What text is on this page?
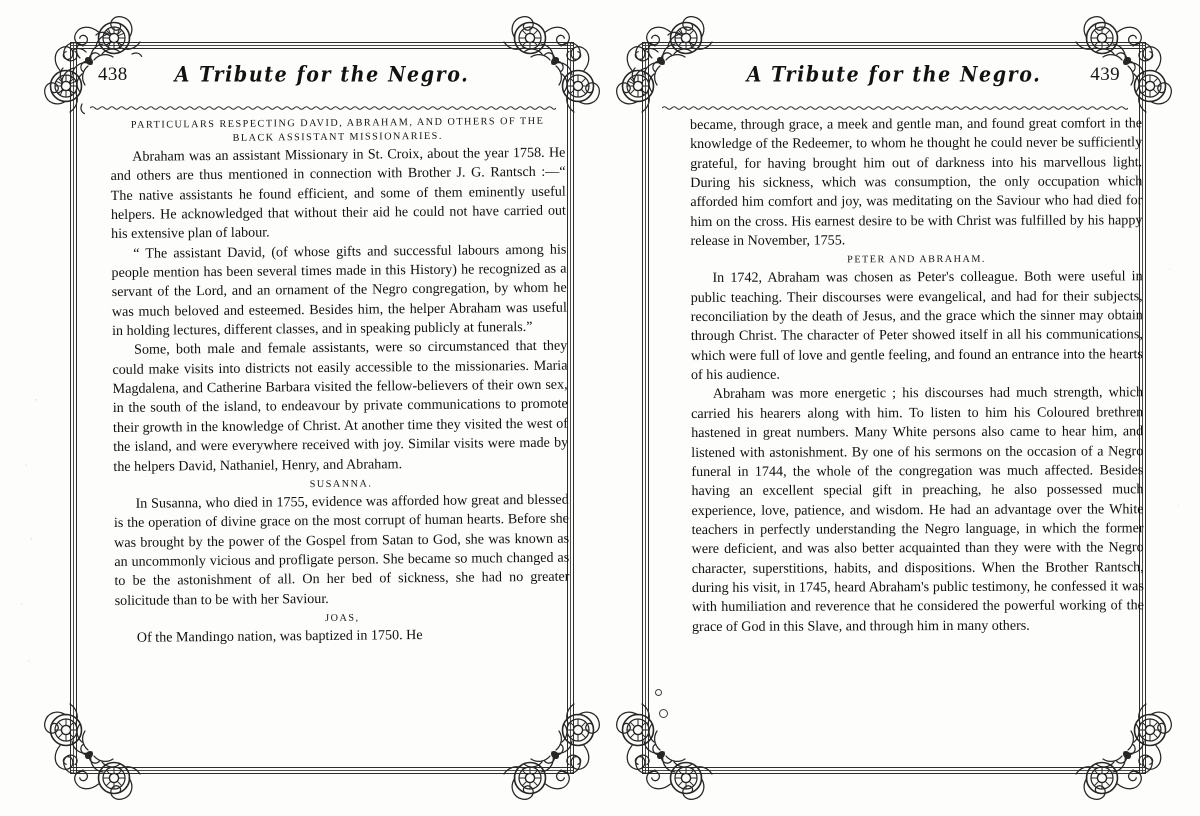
438	A Tribute for the Negro.
PARTICULARS RESPECTING DAVID, ABRAHAM, AND OTHERS OF THE BLACK ASSISTANT MISSIONARIES.

Abraham was an assistant Missionary in St. Croix, about the year 1758. He and others are thus mentioned in connection with Brother J. G. Rantsch :—“ The native assistants he found efficient, and some of them eminently useful helpers. He acknowledged that without their aid he could not have carried out his extensive plan of labour.

“ The assistant David, (of whose gifts and successful labours among his people mention has been several times made in this History) he recognized as a servant of the Lord, and an ornament of the Negro congregation, by whom he was much beloved and esteemed. Besides him, the helper Abraham was useful in holding lectures, different classes, and in speaking publicly at funerals.”

Some, both male and female assistants, were so circumstanced that they could make visits into districts not easily accessible to the missionaries. Maria Magdalena, and Catherine Barbara visited the fellow-believers of their own sex, in the south of the island, to endeavour by private communications to promote their growth in the knowledge of Christ. At another time they visited the west of the island, and were everywhere received with joy. Similar visits were made by the helpers David, Nathaniel, Henry, and Abraham.

SUSANNA.

In Susanna, who died in 1755, evidence was afforded how great and blessed is the operation of divine grace on the most corrupt of human hearts. Before she was brought by the power of the Gospel from Satan to God, she was known as an uncommonly vicious and profligate person. She became so much changed as to be the astonishment of all. On her bed of sickness, she had no greater solicitude than to be with her Saviour.

JOAS,

Of the Mandingo nation, was baptized in 1750. He

A Tribute for the Negro.	439

became, through grace, a meek and gentle man, and found great comfort in the knowledge of the Redeemer, to whom he thought he could never be sufficiently grateful, for having brought him out of darkness into his marvellous light. During his sickness, which was consumption, the only occupation which afforded him comfort and joy, was meditating on the Saviour who had died for him on the cross. His earnest desire to be with Christ was fulfilled by his happy release in November, 1755.

PETER AND ABRAHAM.

In 1742, Abraham was chosen as Peter's colleague. Both were useful in public teaching. Their discourses were evangelical, and had for their subjects, reconciliation by the death of Jesus, and the grace which the sinner may obtain through Christ. The character of Peter showed itself in all his communications, which were full of love and gentle feeling, and found an entrance into the hearts of his audience.

Abraham was more energetic ; his discourses had much strength, which carried his hearers along with him. To listen to him his Coloured brethren hastened in great numbers. Many White persons also came to hear him, and listened with astonishment. By one of his sermons on the occasion of a Negro funeral in 1744, the whole of the congregation was much affected. Besides having an excellent special gift in preaching, he also possessed much experience, love, patience, and wisdom. He had an advantage over the White teachers in perfectly understanding the Negro language, in which the former were deficient, and was also better acquainted than they were with the Negro character, superstitions, habits, and dispositions. When the Brother Rantsch, during his visit, in 1745, heard Abraham's public testimony, he confessed it was with humiliation and reverence that he considered the powerful working of the grace of God in this Slave, and through him in many others.
